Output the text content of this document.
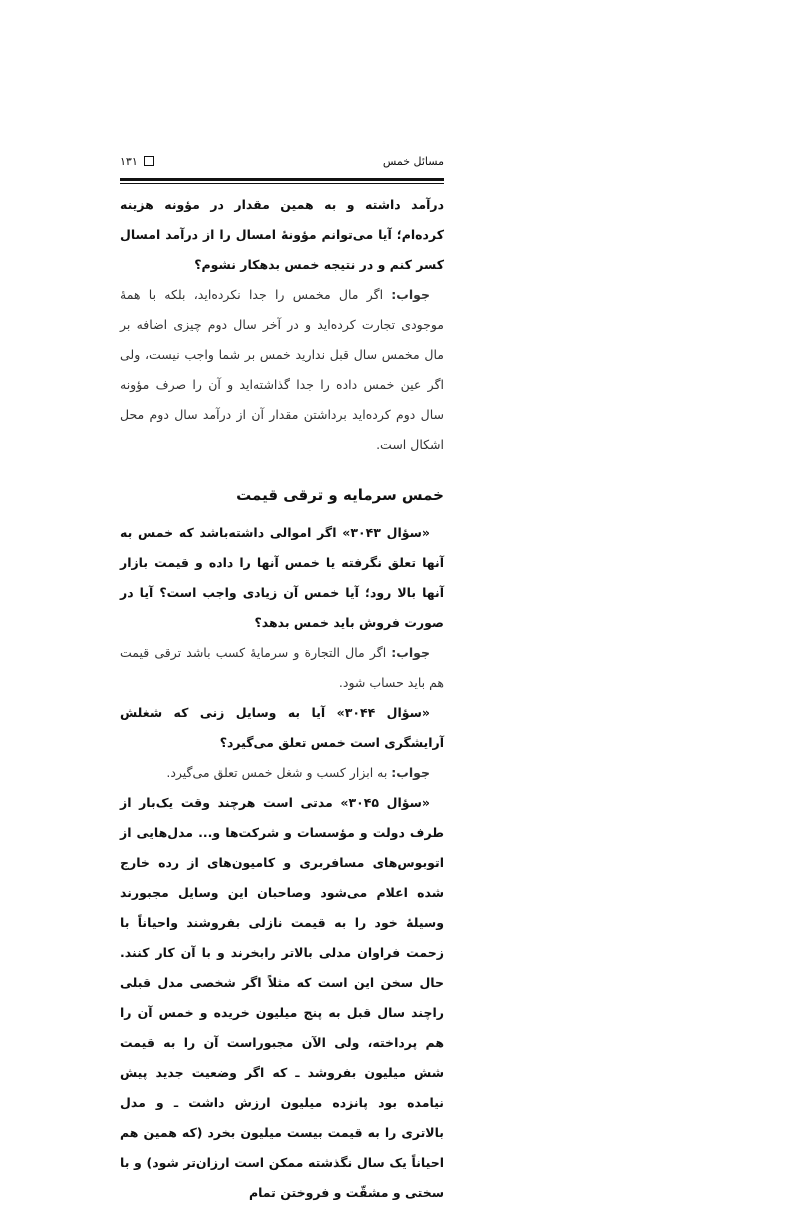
مسائل خمس
۱۳۱

درآمد داشته و به همین مقدار در مؤونه هزینه کرده‌ام؛ آیا می‌توانم مؤونهٔ امسال را از درآمد امسال کسر کنم و در نتیجه خمس بدهکار نشوم؟

جواب: اگر مال مخمس را جدا نکرده‌اید، بلکه با همهٔ موجودی تجارت کرده‌اید و در آخر سال دوم چیزی اضافه بر مال مخمس سال قبل ندارید خمس بر شما واجب نیست، ولی اگر عین خمس داده را جدا گذاشته‌اید و آن را صرف مؤونه سال دوم کرده‌اید برداشتن مقدار آن از درآمد سال دوم محل اشکال است.

خمس سرمایه و ترقی قیمت

«سؤال ۳۰۴۳» اگر اموالی داشته‌باشد که خمس به آنها تعلق نگرفته یا خمس آنها را داده و قیمت بازار آنها بالا رود؛ آیا خمس آن زیادی واجب است؟ آیا در صورت فروش باید خمس بدهد؟

جواب: اگر مال التجارة و سرمایهٔ کسب باشد ترقی قیمت هم باید حساب شود.

«سؤال ۳۰۴۴» آیا به وسایل زنی که شغلش آرایشگری است خمس تعلق می‌گیرد؟

جواب: به ابزار کسب و شغل خمس تعلق می‌گیرد.

«سؤال ۳۰۴۵» مدتی است هرچند وقت یک‌بار از طرف دولت و مؤسسات و شرکت‌ها و... مدل‌هایی از اتوبوس‌های مسافربری و کامیون‌های از رده خارج شده اعلام می‌شود وصاحبان این وسایل مجبورند وسیلهٔ خود را به قیمت نازلی بفروشند واحیاناً با زحمت فراوان مدلی بالاتر رابخرند و با آن کار کنند. حال سخن این است که مثلاً اگر شخصی مدل قبلی راچند سال قبل به پنج میلیون خریده و خمس آن را هم پرداخته، ولی الآن مجبوراست آن را به قیمت شش میلیون بفروشد ـ که اگر وضعیت جدید پیش نیامده بود پانزده میلیون ارزش داشت ـ و مدل بالاتری را به قیمت بیست میلیون بخرد (که همین هم احیاناً یک سال نگذشته ممکن است ارزان‌تر شود) و با سختی و مشقّت و فروختن تمام
